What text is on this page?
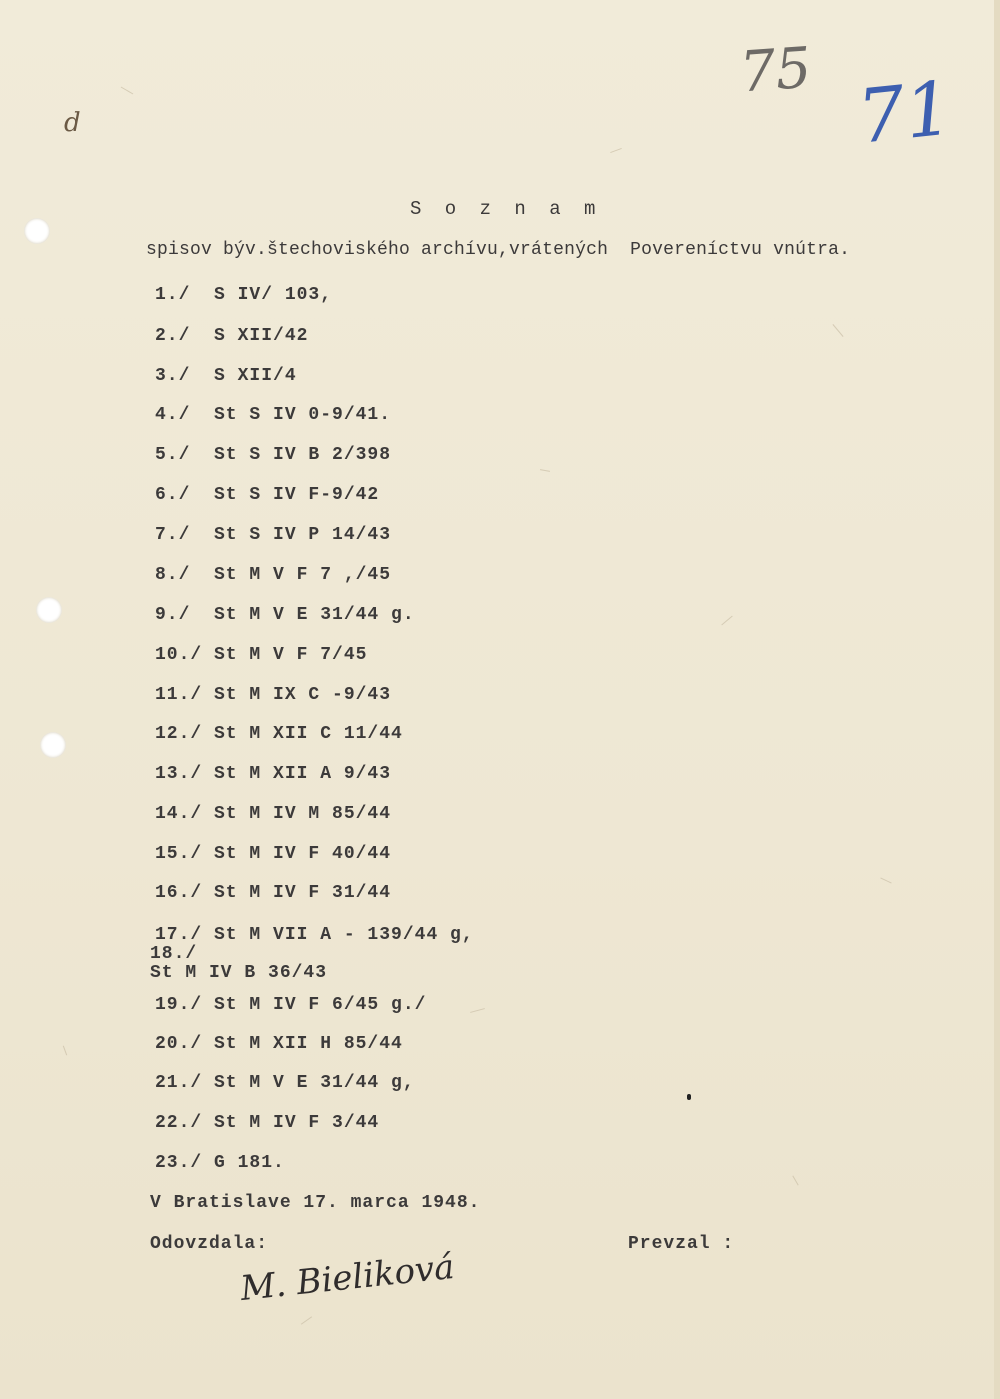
75 71
d
S o z n a m
spisov býv.štechoviského archívu,vrátených  Povereníctvu vnútra.
1./  S IV/ 103,
2./  S XII/42
3./  S XII/4
4./  St S IV 0-9/41.
5./  St S IV B 2/398
6./  St S IV F-9/42
7./  St S IV P 14/43
8./  St M V F 7 ,/45
9./  St M V E 31/44 g.
10./ St M V F 7/45
11./ St M IX C -9/43
12./ St M XII C 11/44
13./ St M XII A 9/43
14./ St M IV M 85/44
15./ St M IV F 40/44
16./ St M IV F 31/44
17./ St M VII A - 139/44 g,
18./
St M IV B 36/43
19./ St M IV F 6/45 g./
20./ St M XII H 85/44
21./ St M V E 31/44 g,
22./ St M IV F 3/44
23./ G 181.
V Bratislave 17. marca 1948.
Odovzdala:	Prevzal :
M. Bieliková
